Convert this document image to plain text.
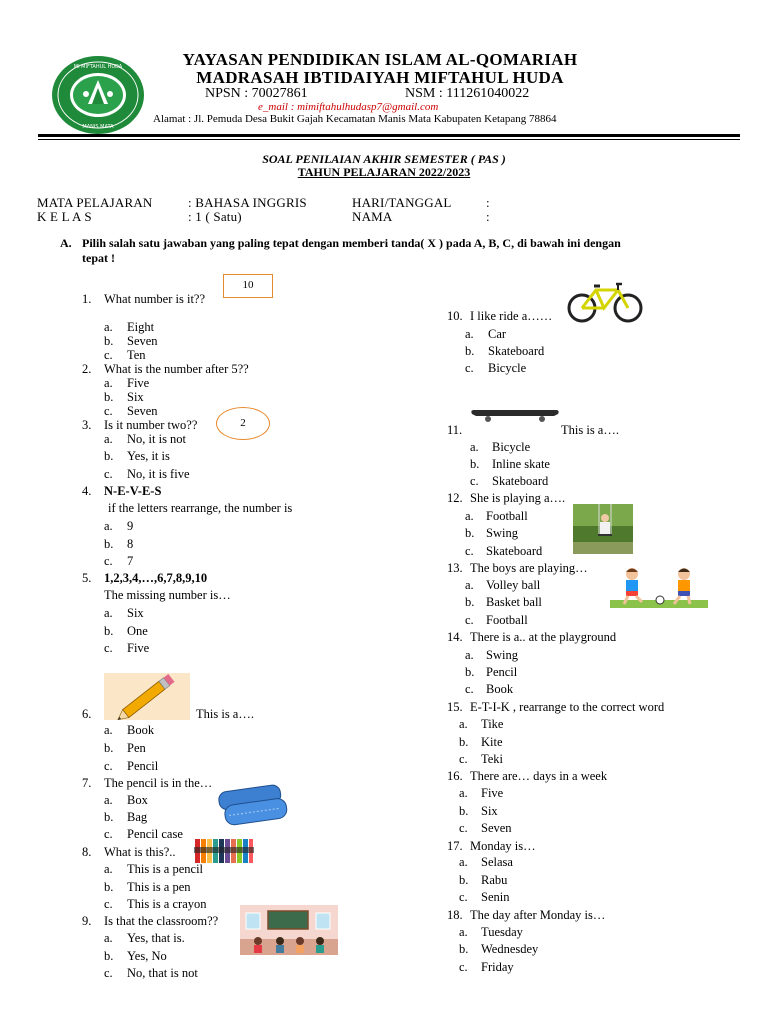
MI MIFTAHUL HUDA
MANIS MATA
YAYASAN PENDIDIKAN ISLAM AL-QOMARIAH
MADRASAH IBTIDAIYAH MIFTAHUL HUDA
NPSN : 70027861	NSM : 111261040022
e_mail : mimiftahulhudasp7@gmail.com
Alamat : Jl. Pemuda Desa Bukit Gajah Kecamatan Manis Mata Kabupaten Ketapang 78864
SOAL PENILAIAN AKHIR SEMESTER ( PAS )
TAHUN PELAJARAN 2022/2023
MATA PELAJARAN	: BAHASA INGGRIS
K E L A S	: 1 ( Satu)
HARI/TANGGAL	:
NAMA	:
A. Pilih salah satu jawaban yang paling tepat dengan memberi tanda( X ) pada A, B, C, di bawah ini dengan
tepat !
10
2
1. What number is it??
a. Eight
b. Seven
c. Ten
2. What is the number after 5??
a. Five
b. Six
c. Seven
3. Is it number two??
a. No, it is not
b. Yes, it is
c. No, it is five
4. N-E-V-E-S
if the letters rearrange, the number is
a. 9
b. 8
c. 7
5. 1,2,3,4,…,6,7,8,9,10
The missing number is…
a. Six
b. One
c. Five
6.	This is a….
a. Book
b. Pen
c. Pencil
7. The pencil is in the…
a. Box
b. Bag
c. Pencil case
8. What is this?..
a. This is a pencil
b. This is a pen
c. This is a crayon
9. Is that the classroom??
a. Yes, that is.
b. Yes, No
c. No, that is not
10. I like ride a……
a. Car
b. Skateboard
c. Bicycle
11.	This is a….
a. Bicycle
b. Inline skate
c. Skateboard
12. She is playing a….
a. Football
b. Swing
c. Skateboard
13. The boys are playing…
a. Volley ball
b. Basket ball
c. Football
14. There is a.. at the playground
a. Swing
b. Pencil
c. Book
15. E-T-I-K , rearrange to the correct word
a. Tike
b. Kite
c. Teki
16. There are… days in a week
a. Five
b. Six
c. Seven
17. Monday is…
a. Selasa
b. Rabu
c. Senin
18. The day after Monday is…
a. Tuesday
b. Wednesdey
c. Friday
